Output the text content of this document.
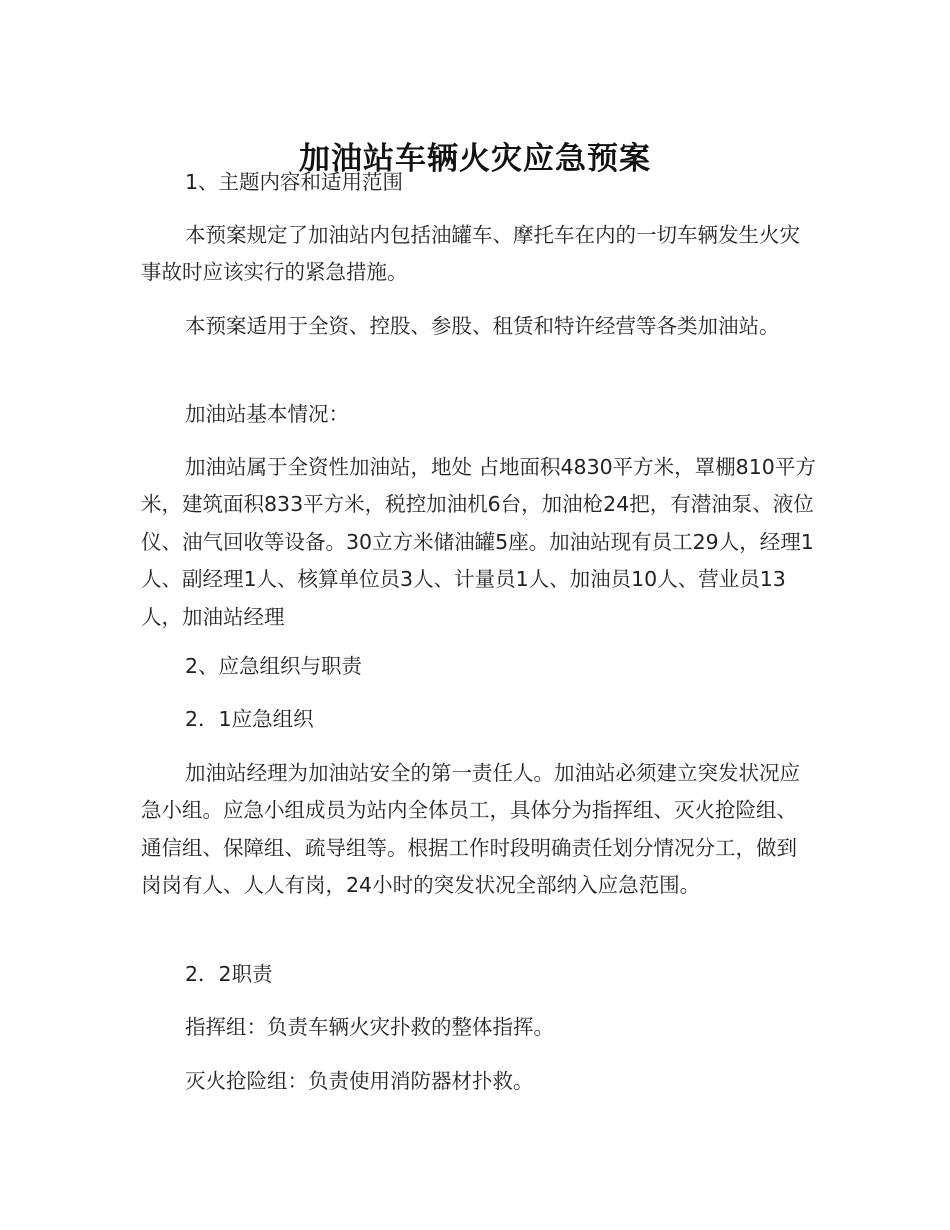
加油站车辆火灾应急预案

1、主题内容和适用范围

本预案规定了加油站内包括油罐车、摩托车在内的一切车辆发生火灾事故时应该实行的紧急措施。

本预案适用于全资、控股、参股、租赁和特许经营等各类加油站。

加油站基本情况：

加油站属于全资性加油站，地处 占地面积4830平方米，罩棚810平方米，建筑面积833平方米，税控加油机6台，加油枪24把，有潜油泵、液位仪、油气回收等设备。30立方米储油罐5座。加油站现有员工29人，经理1人、副经理1人、核算单位员3人、计量员1人、加油员10人、营业员13人，加油站经理

2、应急组织与职责

2．1应急组织

加油站经理为加油站安全的第一责任人。加油站必须建立突发状况应急小组。应急小组成员为站内全体员工，具体分为指挥组、灭火抢险组、通信组、保障组、疏导组等。根据工作时段明确责任划分情况分工，做到岗岗有人、人人有岗，24小时的突发状况全部纳入应急范围。

2．2职责

指挥组：负责车辆火灾扑救的整体指挥。

灭火抢险组：负责使用消防器材扑救。
